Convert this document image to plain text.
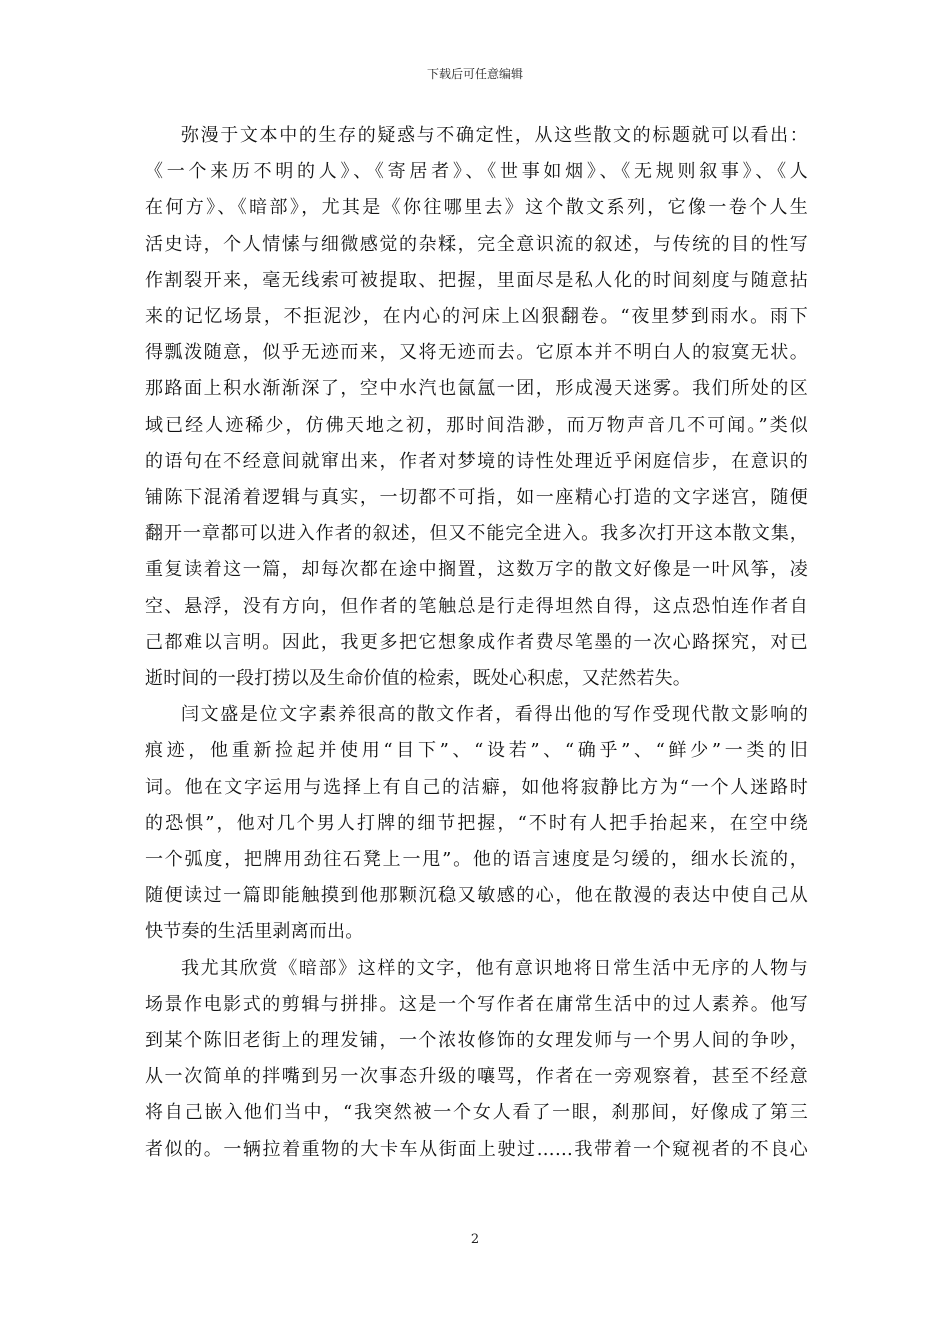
下载后可任意编辑
弥漫于文本中的生存的疑惑与不确定性，从这些散文的标题就可以看出：
《一个来历不明的人》、《寄居者》、《世事如烟》、《无规则叙事》、《人
在何方》、《暗部》，尤其是《你往哪里去》这个散文系列，它像一卷个人生
活史诗，个人情愫与细微感觉的杂糅，完全意识流的叙述，与传统的目的性写
作割裂开来，毫无线索可被提取、把握，里面尽是私人化的时间刻度与随意拈
来的记忆场景，不拒泥沙，在内心的河床上凶狠翻卷。“夜里梦到雨水。雨下
得瓢泼随意，似乎无迹而来，又将无迹而去。它原本并不明白人的寂寞无状。
那路面上积水渐渐深了，空中水汽也氤氲一团，形成漫天迷雾。我们所处的区
域已经人迹稀少，仿佛天地之初，那时间浩渺，而万物声音几不可闻。”类似
的语句在不经意间就窜出来，作者对梦境的诗性处理近乎闲庭信步，在意识的
铺陈下混淆着逻辑与真实，一切都不可指，如一座精心打造的文字迷宫，随便
翻开一章都可以进入作者的叙述，但又不能完全进入。我多次打开这本散文集，
重复读着这一篇，却每次都在途中搁置，这数万字的散文好像是一叶风筝，凌
空、悬浮，没有方向，但作者的笔触总是行走得坦然自得，这点恐怕连作者自
己都难以言明。因此，我更多把它想象成作者费尽笔墨的一次心路探究，对已
逝时间的一段打捞以及生命价值的检索，既处心积虑，又茫然若失。
闫文盛是位文字素养很高的散文作者，看得出他的写作受现代散文影响的
痕迹，他重新捡起并使用“目下”、“设若”、“确乎”、“鲜少”一类的旧
词。他在文字运用与选择上有自己的洁癖，如他将寂静比方为“一个人迷路时
的恐惧”，他对几个男人打牌的细节把握，“不时有人把手抬起来，在空中绕
一个弧度，把牌用劲往石凳上一甩”。他的语言速度是匀缓的，细水长流的，
随便读过一篇即能触摸到他那颗沉稳又敏感的心，他在散漫的表达中使自己从
快节奏的生活里剥离而出。
我尤其欣赏《暗部》这样的文字，他有意识地将日常生活中无序的人物与
场景作电影式的剪辑与拼排。这是一个写作者在庸常生活中的过人素养。他写
到某个陈旧老街上的理发铺，一个浓妆修饰的女理发师与一个男人间的争吵，
从一次简单的拌嘴到另一次事态升级的嚷骂，作者在一旁观察着，甚至不经意
将自己嵌入他们当中，“我突然被一个女人看了一眼，刹那间，好像成了第三
者似的。一辆拉着重物的大卡车从街面上驶过……我带着一个窥视者的不良心
2
